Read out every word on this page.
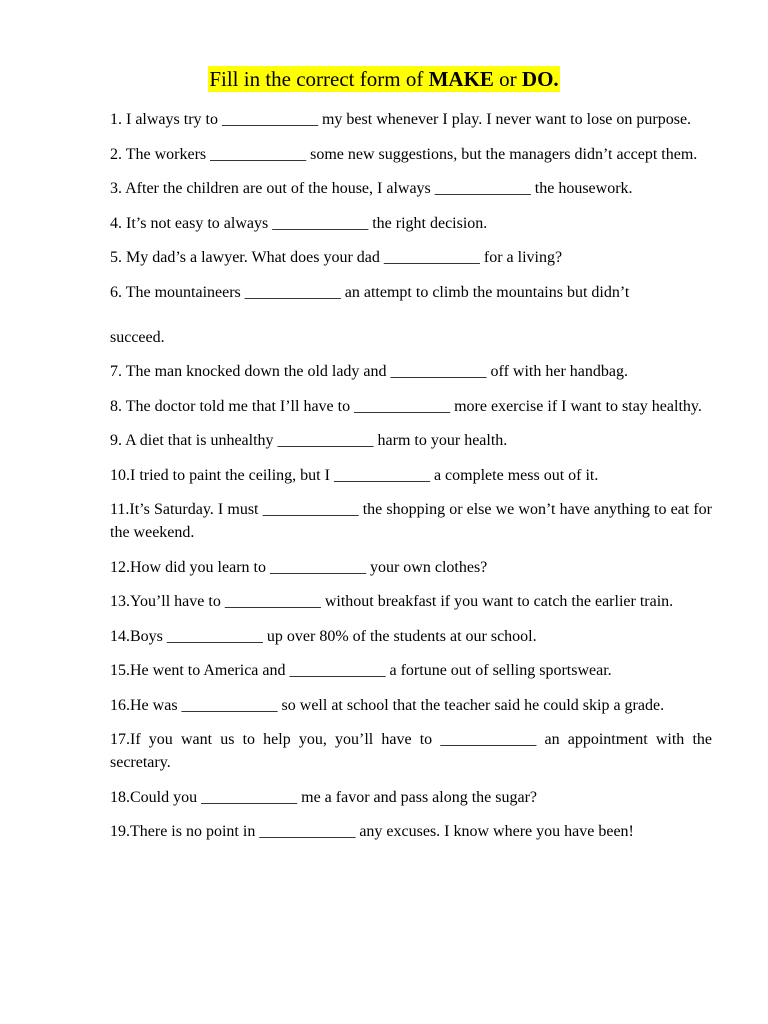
Fill in the correct form of MAKE or DO.

1. I always try to ____________ my best whenever I play. I never want to lose on purpose.

2. The workers ____________ some new suggestions, but the managers didn’t accept them.

3. After the children are out of the house, I always ____________ the housework.

4. It’s not easy to always ____________ the right decision.

5. My dad’s a lawyer. What does your dad ____________ for a living?

6. The mountaineers ____________ an attempt to climb the mountains but didn’t

succeed.

7. The man knocked down the old lady and ____________ off with her handbag.

8. The doctor told me that I’ll have to ____________ more exercise if I want to stay healthy.

9. A diet that is unhealthy ____________ harm to your health.

10.I tried to paint the ceiling, but I ____________ a complete mess out of it.

11.It’s Saturday. I must ____________ the shopping or else we won’t have anything to eat for the weekend.

12.How did you learn to ____________ your own clothes?

13.You’ll have to ____________ without breakfast if you want to catch the earlier train.

14.Boys ____________ up over 80% of the students at our school.

15.He went to America and ____________ a fortune out of selling sportswear.

16.He was ____________ so well at school that the teacher said he could skip a grade.

17.If you want us to help you, you’ll have to ____________ an appointment with the secretary.

18.Could you ____________ me a favor and pass along the sugar?

19.There is no point in ____________ any excuses. I know where you have been!
